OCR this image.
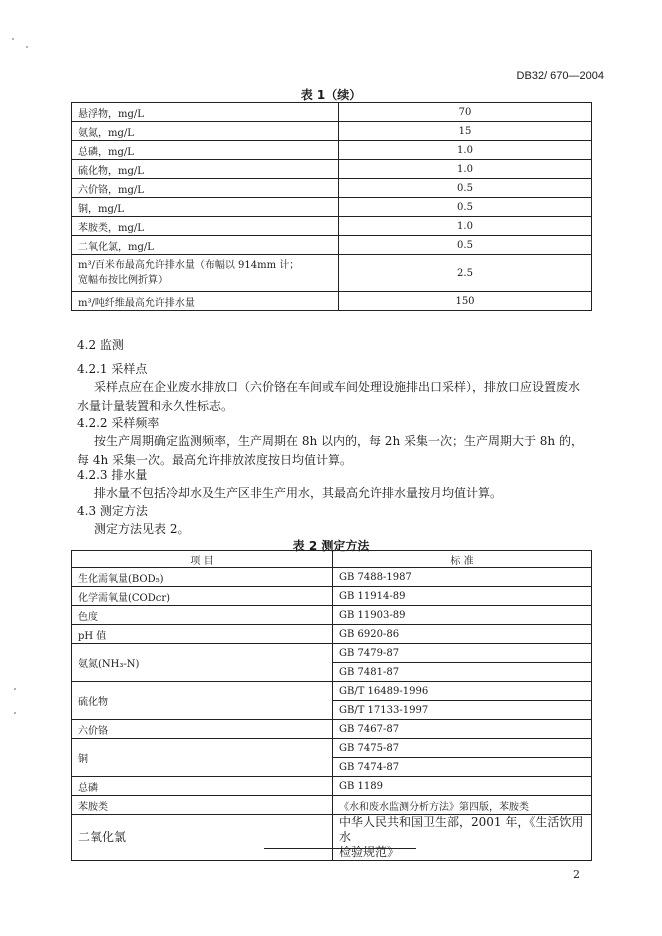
DB32/ 670—2004
表 1（续）
悬浮物，mg/L	70
氨氮，mg/L	15
总磷，mg/L	1.0
硫化物，mg/L	1.0
六价铬，mg/L	0.5
铜，mg/L	0.5
苯胺类，mg/L	1.0
二氧化氯，mg/L	0.5

m³/百米布最高允许排水量（布幅以 914mm 计；
宽幅布按比例折算）	2.5
m³/吨纤维最高允许排水量	150
4.2 监测
4.2.1 采样点
采样点应在企业废水排放口（六价铬在车间或车间处理设施排出口采样），排放口应设置废水水量计量装置和永久性标志。
4.2.2 采样频率
按生产周期确定监测频率，生产周期在 8h 以内的，每 2h 采集一次；生产周期大于 8h 的，每 4h 采集一次。最高允许排放浓度按日均值计算。
4.2.3 排水量
排水量不包括冷却水及生产区非生产用水，其最高允许排水量按月均值计算。
4.3 测定方法
测定方法见表 2。
表 2 测定方法
项 目	标 准
生化需氧量(BOD₅)	GB 7488-1987
化学需氧量(CODcr)	GB 11914-89
色度	GB 11903-89
pH 值	GB 6920-86
氨氮(NH₃-N)	GB 7479-87
	GB 7481-87
硫化物	GB/T 16489-1996
	GB/T 17133-1997
六价铬	GB 7467-87
铜	GB 7475-87
	GB 7474-87
总磷	GB 1189
苯胺类	《水和废水监测分析方法》第四版，苯胺类
二氧化氯	中华人民共和国卫生部，2001 年，《生活饮用水
检验规范》
2
